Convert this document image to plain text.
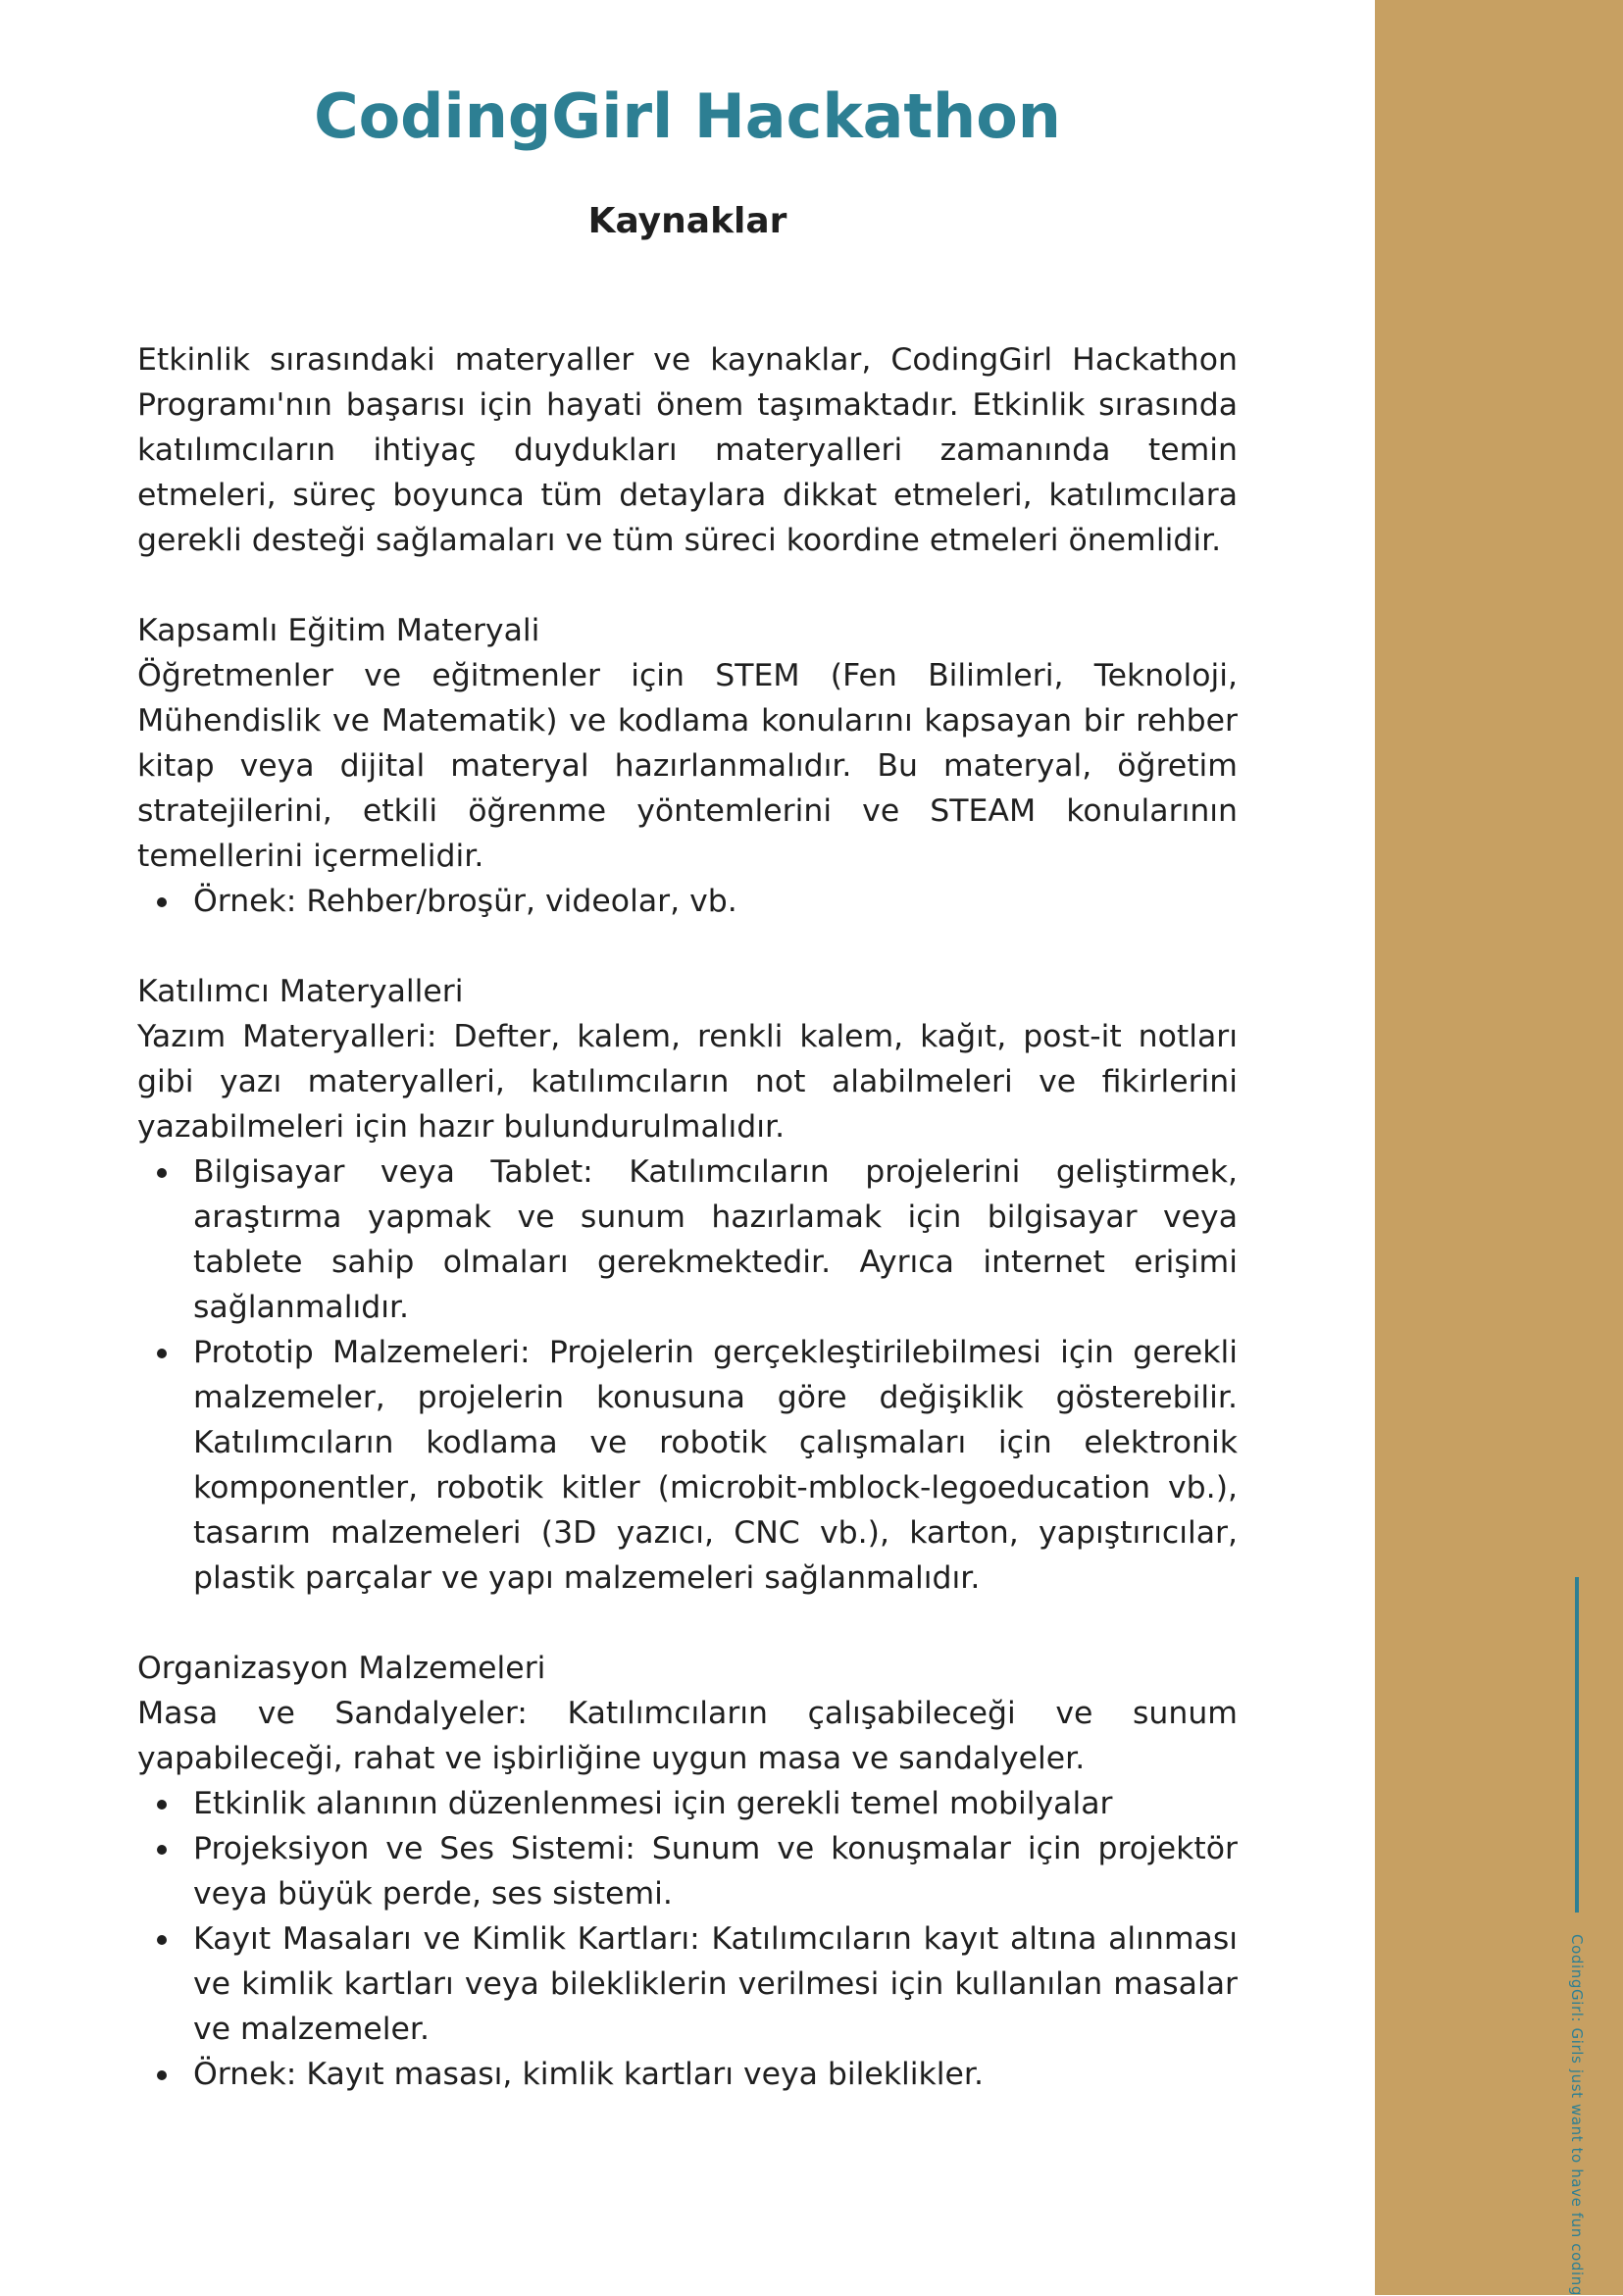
CodingGirl: Girls just want to have fun coding
CodingGirl Hackathon
Kaynaklar

Etkinlik sırasındaki materyaller ve kaynaklar, CodingGirl Hackathon Programı'nın başarısı için hayati önem taşımaktadır. Etkinlik sırasında katılımcıların ihtiyaç duydukları materyalleri zamanında temin etmeleri, süreç boyunca tüm detaylara dikkat etmeleri, katılımcılara gerekli desteği sağlamaları ve tüm süreci koordine etmeleri önemlidir.

Kapsamlı Eğitim Materyali

Öğretmenler ve eğitmenler için STEM (Fen Bilimleri, Teknoloji, Mühendislik ve Matematik) ve kodlama konularını kapsayan bir rehber kitap veya dijital materyal hazırlanmalıdır. Bu materyal, öğretim stratejilerini, etkili öğrenme yöntemlerini ve STEAM konularının temellerini içermelidir.

Örnek: Rehber/broşür, videolar, vb.
Katılımcı Materyalleri

Yazım Materyalleri: Defter, kalem, renkli kalem, kağıt, post-it notları gibi yazı materyalleri, katılımcıların not alabilmeleri ve fikirlerini yazabilmeleri için hazır bulundurulmalıdır.

Bilgisayar veya Tablet: Katılımcıların projelerini geliştirmek, araştırma yapmak ve sunum hazırlamak için bilgisayar veya tablete sahip olmaları gerekmektedir. Ayrıca internet erişimi sağlanmalıdır.
Prototip Malzemeleri: Projelerin gerçekleştirilebilmesi için gerekli malzemeler, projelerin konusuna göre değişiklik gösterebilir. Katılımcıların kodlama ve robotik çalışmaları için elektronik komponentler, robotik kitler (microbit-mblock-legoeducation vb.), tasarım malzemeleri (3D yazıcı, CNC vb.), karton, yapıştırıcılar, plastik parçalar ve yapı malzemeleri sağlanmalıdır.
Organizasyon Malzemeleri

Masa ve Sandalyeler: Katılımcıların çalışabileceği ve sunum yapabileceği, rahat ve işbirliğine uygun masa ve sandalyeler.

Etkinlik alanının düzenlenmesi için gerekli temel mobilyalar
Projeksiyon ve Ses Sistemi: Sunum ve konuşmalar için projektör veya büyük perde, ses sistemi.
Kayıt Masaları ve Kimlik Kartları: Katılımcıların kayıt altına alınması ve kimlik kartları veya bilekliklerin verilmesi için kullanılan masalar ve malzemeler.
Örnek: Kayıt masası, kimlik kartları veya bileklikler.
